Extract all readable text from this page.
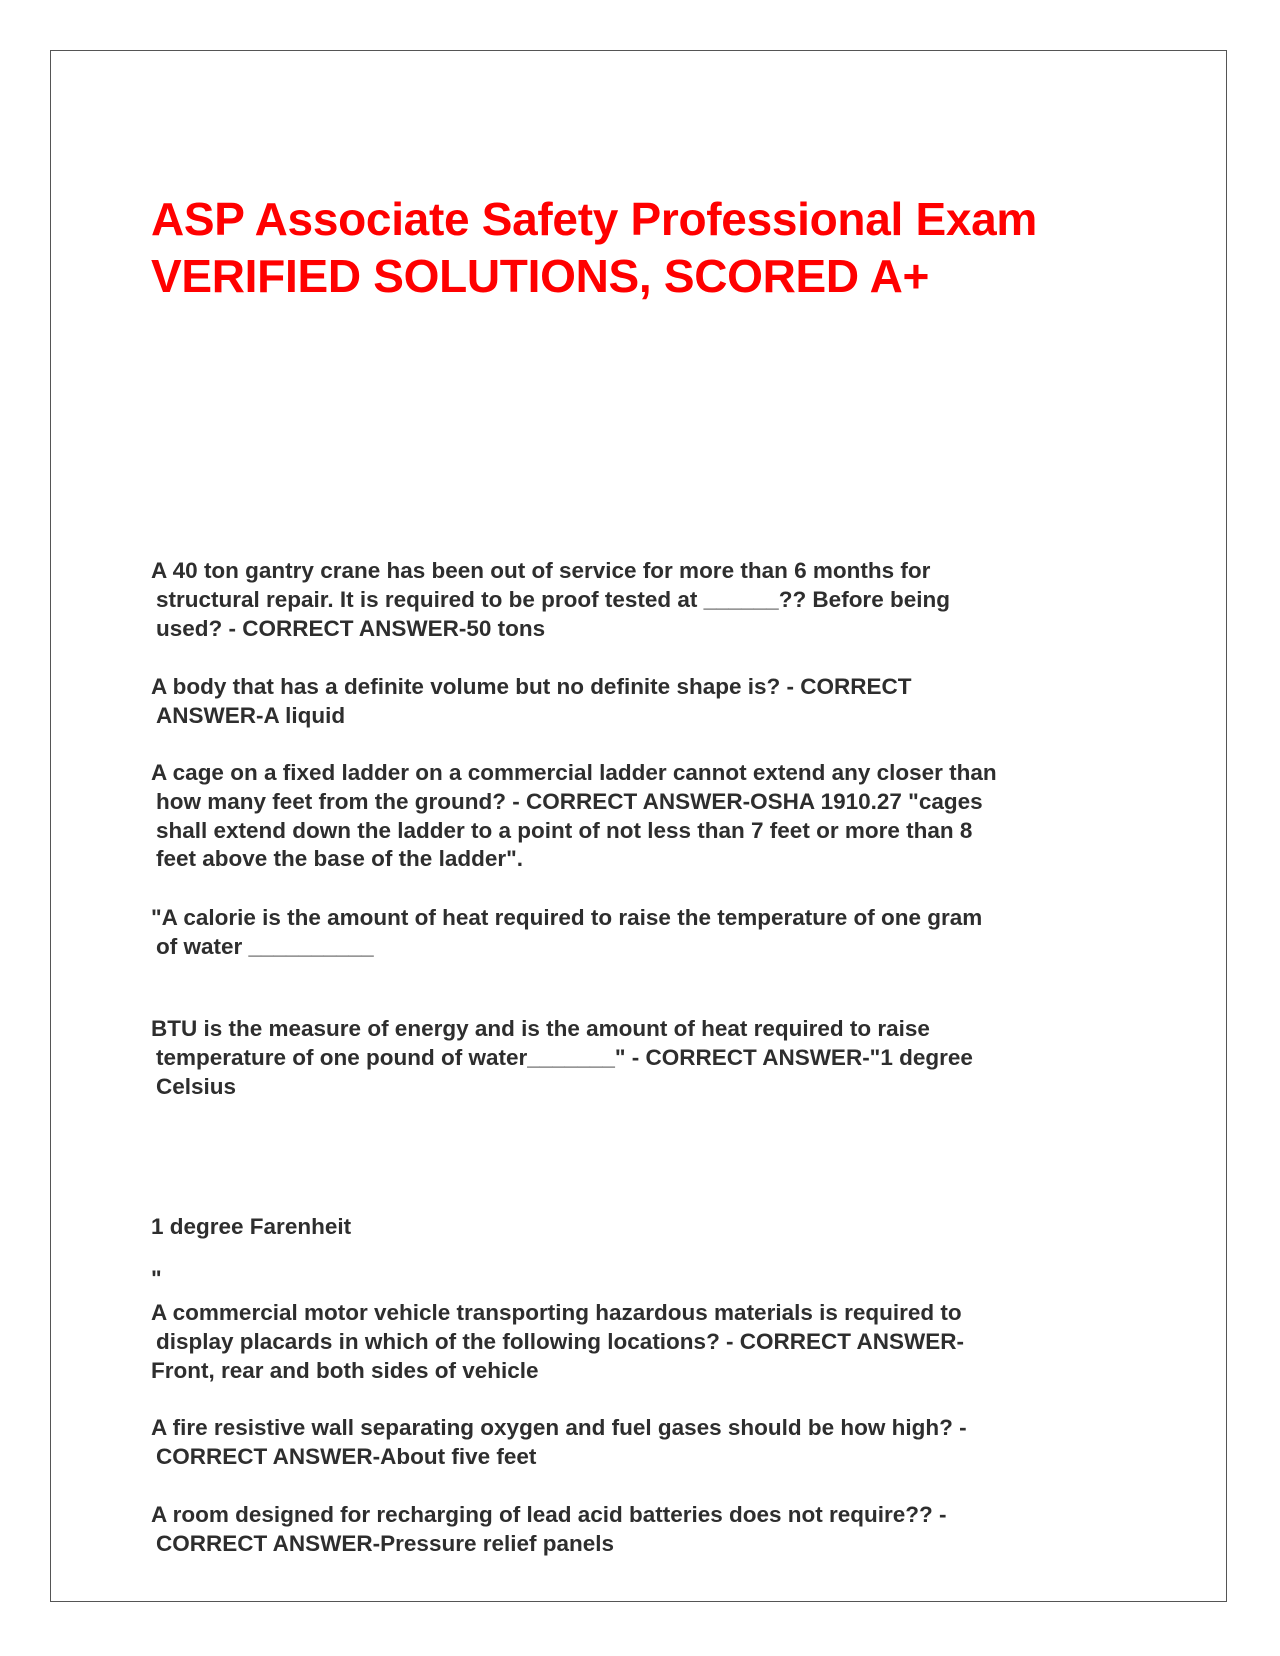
ASP Associate Safety Professional Exam
VERIFIED SOLUTIONS, SCORED A+
A 40 ton gantry crane has been out of service for more than 6 months for
structural repair. It is required to be proof tested at ______?? Before being
used? - CORRECT ANSWER-50 tons
A body that has a definite volume but no definite shape is? - CORRECT
ANSWER-A liquid
A cage on a fixed ladder on a commercial ladder cannot extend any closer than
how many feet from the ground? - CORRECT ANSWER-OSHA 1910.27 "cages
shall extend down the ladder to a point of not less than 7 feet or more than 8
feet above the base of the ladder".
"A calorie is the amount of heat required to raise the temperature of one gram
of water __________
BTU is the measure of energy and is the amount of heat required to raise
temperature of one pound of water_______" - CORRECT ANSWER-"1 degree
Celsius
1 degree Farenheit
"
A commercial motor vehicle transporting hazardous materials is required to
display placards in which of the following locations? - CORRECT ANSWER-
Front, rear and both sides of vehicle
A fire resistive wall separating oxygen and fuel gases should be how high? -
CORRECT ANSWER-About five feet
A room designed for recharging of lead acid batteries does not require?? -
CORRECT ANSWER-Pressure relief panels
